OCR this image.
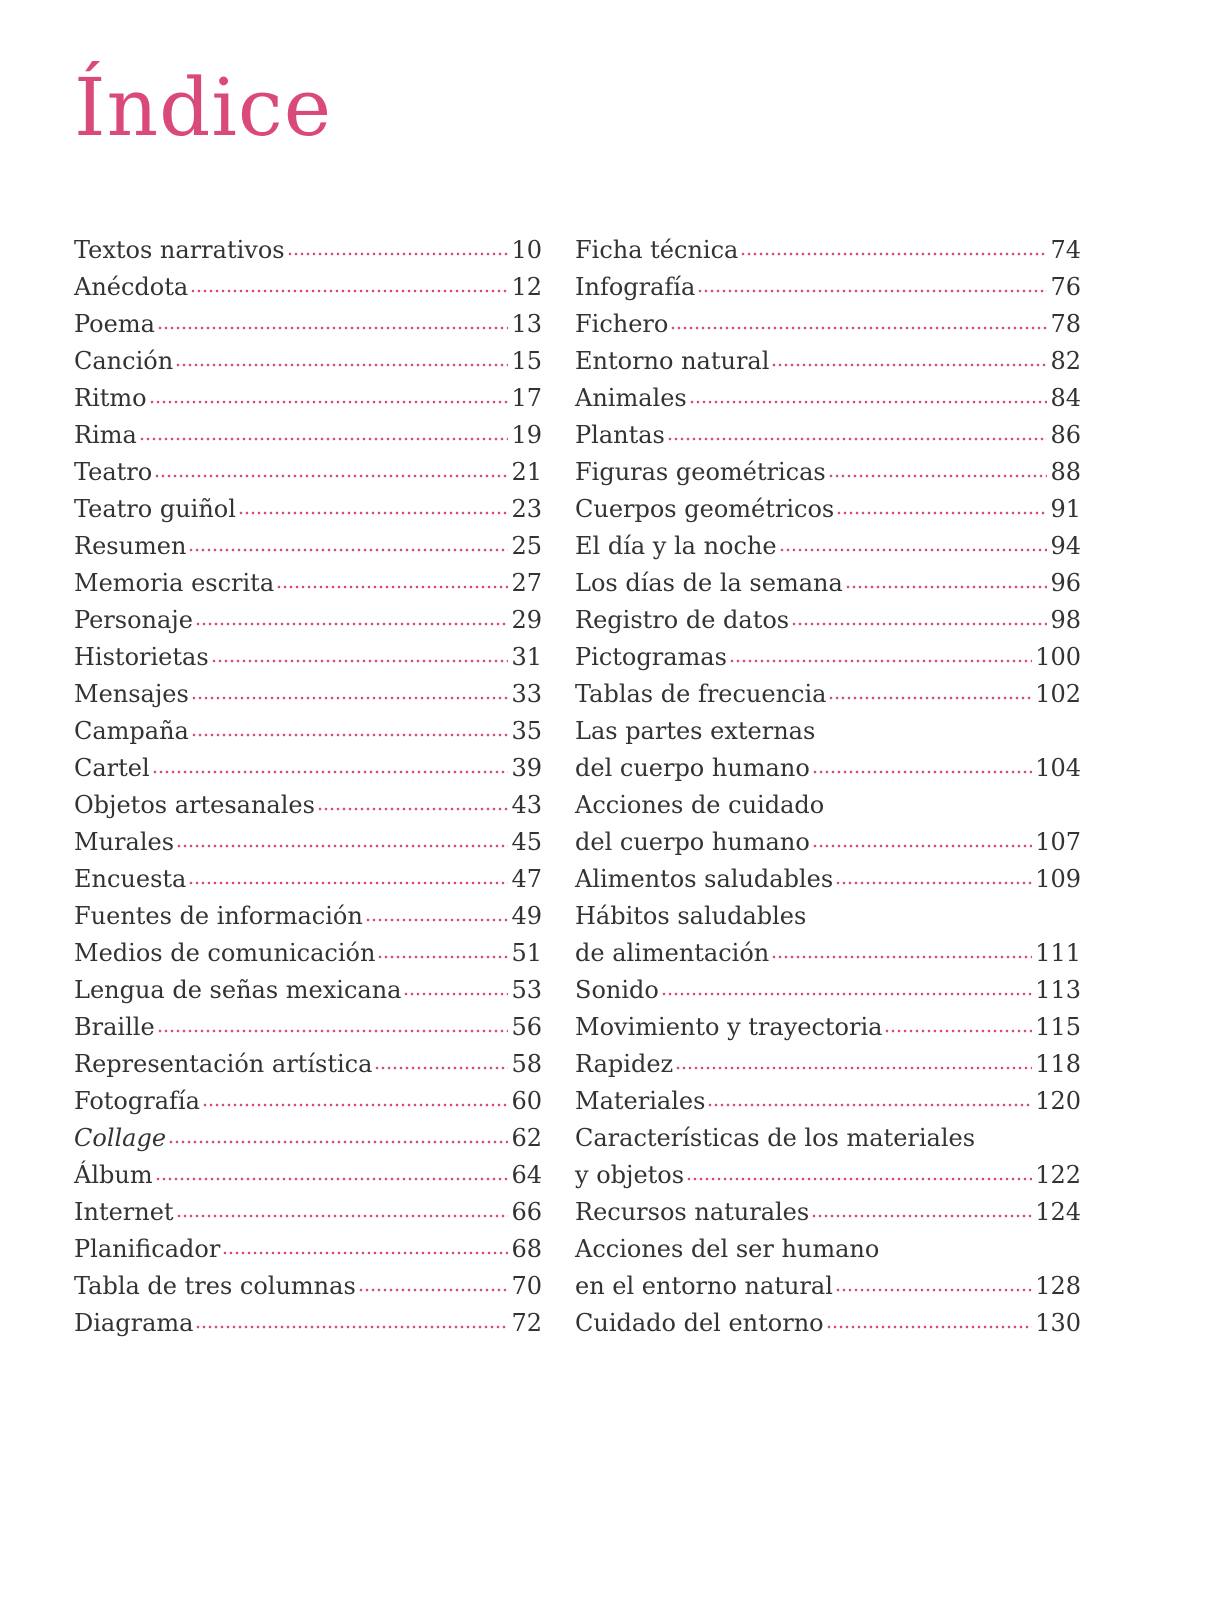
Índice
Textos narrativos	10
Anécdota	12
Poema	13
Canción	15
Ritmo	17
Rima	19
Teatro	21
Teatro guiñol	23
Resumen	25
Memoria escrita	27
Personaje	29
Historietas	31
Mensajes	33
Campaña	35
Cartel	39
Objetos artesanales	43
Murales	45
Encuesta	47
Fuentes de información	49
Medios de comunicación	51
Lengua de señas mexicana	53
Braille	56
Representación artística	58
Fotografía	60
Collage	62
Álbum	64
Internet	66
Planificador	68
Tabla de tres columnas	70
Diagrama	72
Ficha técnica	74
Infografía	76
Fichero	78
Entorno natural	82
Animales	84
Plantas	86
Figuras geométricas	88
Cuerpos geométricos	91
El día y la noche	94
Los días de la semana	96
Registro de datos	98
Pictogramas	100
Tablas de frecuencia	102
Las partes externas
del cuerpo humano	104
Acciones de cuidado
del cuerpo humano	107
Alimentos saludables	109
Hábitos saludables
de alimentación	111
Sonido	113
Movimiento y trayectoria	115
Rapidez	118
Materiales	120
Características de los materiales
y objetos	122
Recursos naturales	124
Acciones del ser humano
en el entorno natural	128
Cuidado del entorno	130
